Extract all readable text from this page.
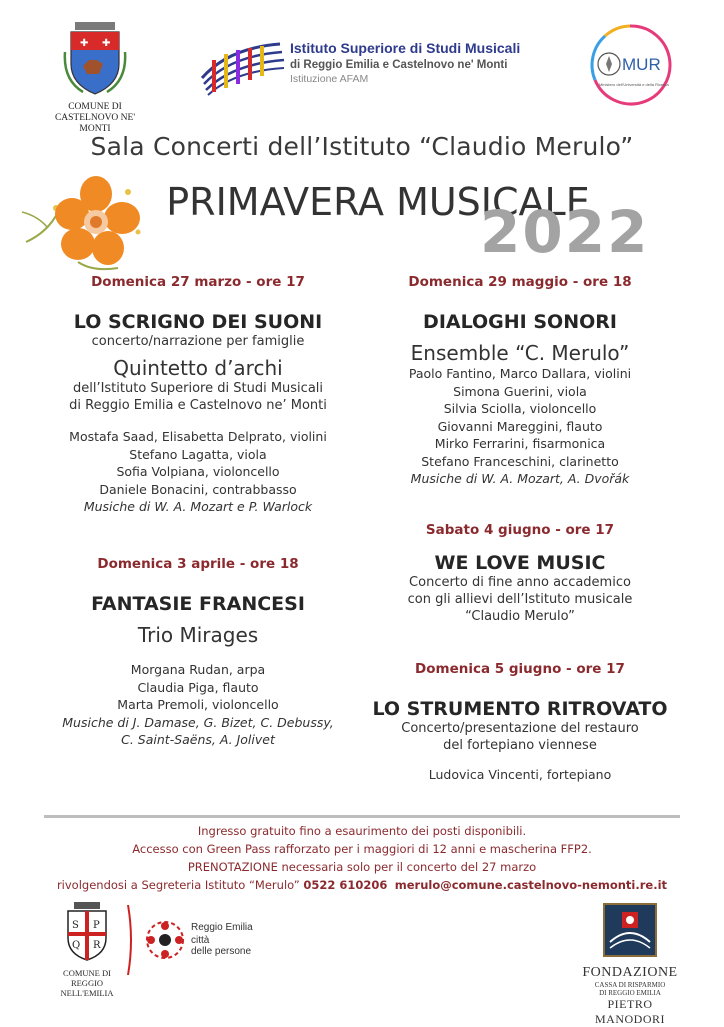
✚ ✚
COMUNE DI
CASTELNOVO NE' MONTI
Istituto Superiore di Studi Musicali
di Reggio Emilia e Castelnovo ne' Monti
Istituzione AFAM
MUR
Ministero dell'Università e della Ricerca
Sala Concerti dell’Istituto “Claudio Merulo”
PRIMAVERA MUSICALE
2022
Domenica 27 marzo - ore 17
LO SCRIGNO DEI SUONI
concerto/narrazione per famiglie
Quintetto d’archi
dell’Istituto Superiore di Studi Musicali
di Reggio Emilia e Castelnovo ne’ Monti
Mostafa Saad, Elisabetta Delprato, violini
Stefano Lagatta, viola
Sofia Volpiana, violoncello
Daniele Bonacini, contrabbasso
Musiche di W. A. Mozart e P. Warlock
Domenica 3 aprile - ore 18
FANTASIE FRANCESI
Trio Mirages
Morgana Rudan, arpa
Claudia Piga, flauto
Marta Premoli, violoncello
Musiche di J. Damase, G. Bizet, C. Debussy,
C. Saint-Saëns, A. Jolivet
Domenica 29 maggio - ore 18
DIALOGHI SONORI
Ensemble “C. Merulo”
Paolo Fantino, Marco Dallara, violini
Simona Guerini, viola
Silvia Sciolla, violoncello
Giovanni Mareggini, flauto
Mirko Ferrarini, fisarmonica
Stefano Franceschini, clarinetto
Musiche di W. A. Mozart, A. Dvořák
Sabato 4 giugno - ore 17
WE LOVE MUSIC
Concerto di fine anno accademico
con gli allievi dell’Istituto musicale
“Claudio Merulo”
Domenica 5 giugno - ore 17
LO STRUMENTO RITROVATO
Concerto/presentazione del restauro
del fortepiano viennese
Ludovica Vincenti, fortepiano
Ingresso gratuito fino a esaurimento dei posti disponibili.
Accesso con Green Pass rafforzato per i maggiori di 12 anni e mascherina FFP2.
PRENOTAZIONE necessaria solo per il concerto del 27 marzo
rivolgendosi a Segreteria Istituto “Merulo” 0522 610206 merulo@comune.castelnovo-nemonti.re.it
S P
Q R
COMUNE DI
REGGIO NELL'EMILIA
Reggio Emilia
città
delle persone
FONDAZIONE
CASSA DI RISPARMIO
DI REGGIO EMILIA
PIETRO MANODORI
